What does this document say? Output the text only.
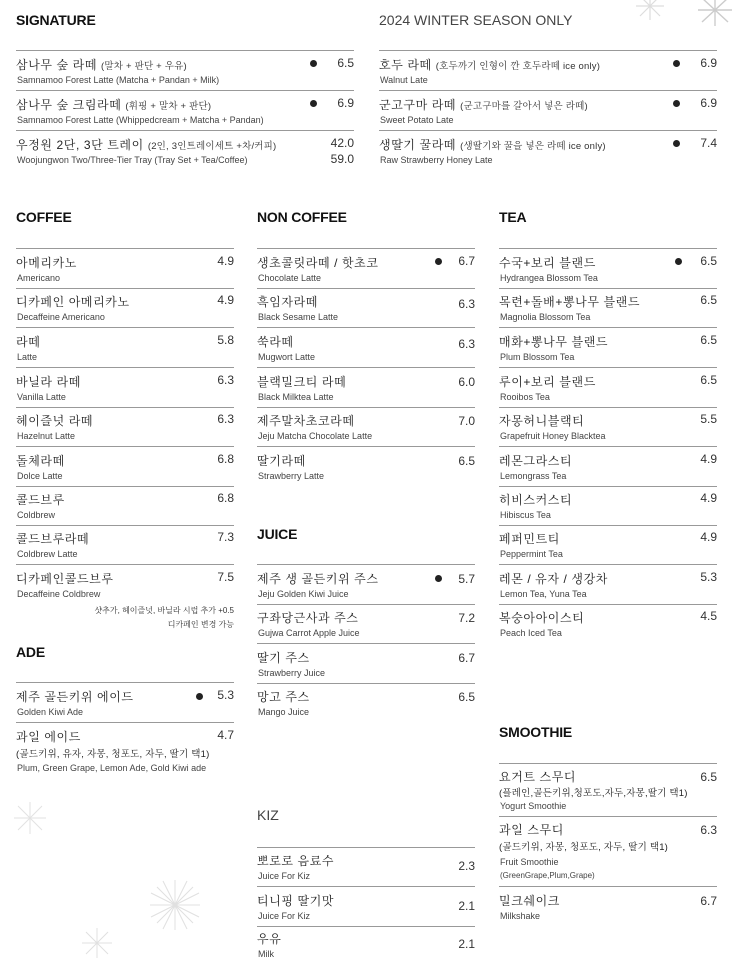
SIGNATURE
삼나무 숲 라떼 (말차 + 판단 + 우유)
Samnamoo Forest Latte (Matcha + Pandan + Milk)
6.5
삼나무 숲 크림라떼 (휘핑 + 말차 + 판단)
Samnamoo Forest Latte (Whippedcream + Matcha + Pandan)
6.9
우정원 2단, 3단 트레이 (2인, 3인트레이세트 +차/커피)
Woojungwon Two/Three-Tier Tray (Tray Set + Tea/Coffee)
42.0
59.0
2024 WINTER SEASON ONLY
호두 라떼 (호두까기 인형이 깐 호두라떼 ice only)
Walnut Late
6.9
군고구마 라떼 (군고구마를 갈아서 넣은 라떼)
Sweet Potato Late
6.9
생딸기 꿀라떼 (생딸기와 꿀을 넣은 라떼 ice only)
Raw Strawberry Honey Late
7.4
COFFEE
샷추가, 헤이즐넛, 바닐라 시럽 추가 +0.5
디카페인 변경 가능
아메리카노
Americano
4.9
디카페인 아메리카노
Decaffeine Americano
4.9
라떼
Latte
5.8
바닐라 라떼
Vanilla Latte
6.3
헤이즐넛 라떼
Hazelnut Latte
6.3
돌체라떼
Dolce Latte
6.8
콜드브루
Coldbrew
6.8
콜드브루라떼
Coldbrew Latte
7.3
디카페인콜드브루
Decaffeine Coldbrew
7.5
ADE
제주 골든키위 에이드
Golden Kiwi Ade
5.3
과일 에이드
(골드키위, 유자, 자몽, 청포도, 자두, 딸기 택1)
Plum, Green Grape, Lemon Ade, Gold Kiwi ade
4.7
NON COFFEE
생초콜릿라떼 / 핫초코
Chocolate Latte
6.7
흑임자라떼
Black Sesame Latte
6.3
쑥라떼
Mugwort Latte
6.3
블랙밀크티 라떼
Black Milktea Latte
6.0
제주말차초코라떼
Jeju Matcha Chocolate Latte
7.0
딸기라떼
Strawberry Latte
6.5
JUICE
제주 생 골든키위 주스
Jeju Golden Kiwi Juice
5.7
구좌당근사과 주스
Gujwa Carrot Apple Juice
7.2
딸기 주스
Strawberry Juice
6.7
망고 주스
Mango Juice
6.5
KIZ
뽀로로 음료수
Juice For Kiz
2.3
티니핑 딸기맛
Juice For Kiz
2.1
우유
Milk
2.1
TEA
수국+보리 블랜드
Hydrangea Blossom Tea
6.5
목련+돌배+뽕나무 블랜드
Magnolia Blossom Tea
6.5
매화+뽕나무 블랜드
Plum Blossom Tea
6.5
루이+보리 블랜드
Rooibos Tea
6.5
자몽허니블랙티
Grapefruit Honey Blacktea
5.5
레몬그라스티
Lemongrass Tea
4.9
히비스커스티
Hibiscus Tea
4.9
페퍼민트티
Peppermint Tea
4.9
레몬 / 유자 / 생강차
Lemon Tea, Yuna Tea
5.3
복숭아아이스티
Peach Iced Tea
4.5
SMOOTHIE
요거트 스무디
(플레인,골든키위,청포도,자두,자몽,딸기 택1)
Yogurt Smoothie
6.5
과일 스무디
(골드키위, 자몽, 청포도, 자두, 딸기 택1)
Fruit Smoothie
(GreenGrape,Plum,Grape)
6.3
밀크쉐이크
Milkshake
6.7
